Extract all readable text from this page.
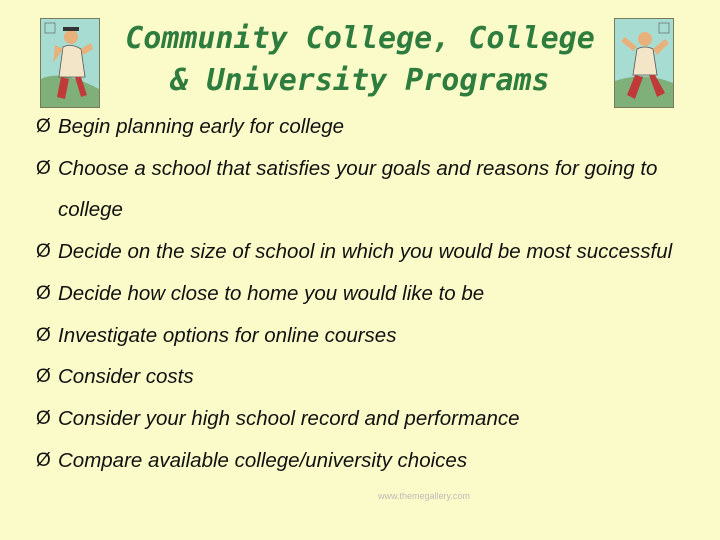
Community College, College
& University Programs
Ø Begin planning early for college
Ø Choose a school that satisfies your goals and reasons for going to college
Ø Decide on the size of school in which you would be most successful
Ø Decide how close to home you would like to be
Ø Investigate options for online courses
Ø Consider costs
Ø Consider your high school record and performance
Ø Compare available college/university choices
www.themegallery.com
